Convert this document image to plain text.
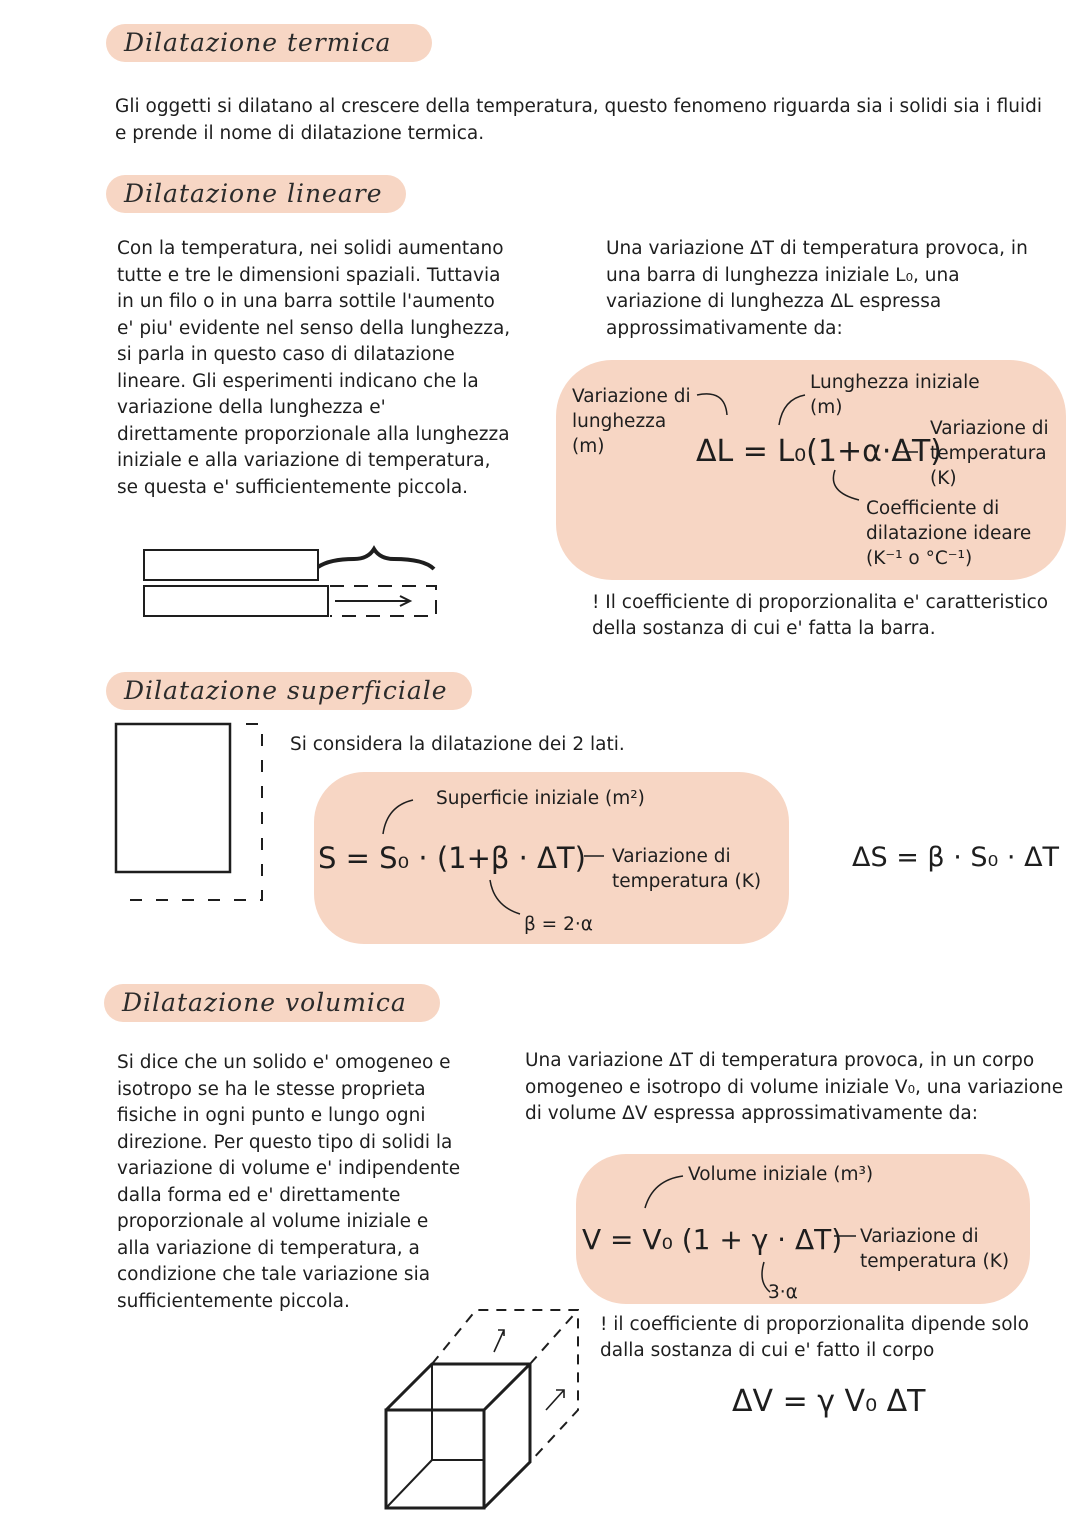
Dilatazione termica
Gli oggetti si dilatano al crescere della temperatura, questo fenomeno riguarda sia i solidi sia i fluidi e prende il nome di dilatazione termica.
Dilatazione lineare
Con la temperatura, nei solidi aumentano tutte e tre le dimensioni spaziali. Tuttavia in un filo o in una barra sottile l'aumento e' piu' evidente nel senso della lunghezza, si parla in questo caso di dilatazione lineare. Gli esperimenti indicano che la variazione della lunghezza e' direttamente proporzionale alla lunghezza iniziale e alla variazione di temperatura, se questa e' sufficientemente piccola.
Una variazione ΔT di temperatura provoca, in una barra di lunghezza iniziale L₀, una variazione di lunghezza ΔL espressa approssimativamente da:
Variazione di lunghezza (m)
Lunghezza iniziale (m)
ΔL = L₀(1+α·ΔT)
Variazione di temperatura (K)
Coefficiente di dilatazione ideare (K⁻¹ o °C⁻¹)
! Il coefficiente di proporzionalita e' caratteristico della sostanza di cui e' fatta la barra.
Dilatazione superficiale
Si considera la dilatazione dei 2 lati.
Superficie iniziale (m²)
S = S₀ · (1+β · ΔT) Variazione di temperatura (K)
β = 2·α
ΔS = β · S₀ · ΔT
Dilatazione volumica
Si dice che un solido e' omogeneo e isotropo se ha le stesse proprieta fisiche in ogni punto e lungo ogni direzione. Per questo tipo di solidi la variazione di volume e' indipendente dalla forma ed e' direttamente proporzionale al volume iniziale e alla variazione di temperatura, a condizione che tale variazione sia sufficientemente piccola.
Una variazione ΔT di temperatura provoca, in un corpo omogeneo e isotropo di volume iniziale V₀, una variazione di volume ΔV espressa approssimativamente da:
Volume iniziale (m³)
V = V₀ (1 + γ · ΔT) Variazione di temperatura (K)
3·α
! il coefficiente di proporzionalita dipende solo dalla sostanza di cui e' fatto il corpo
ΔV = γ V₀ ΔT
